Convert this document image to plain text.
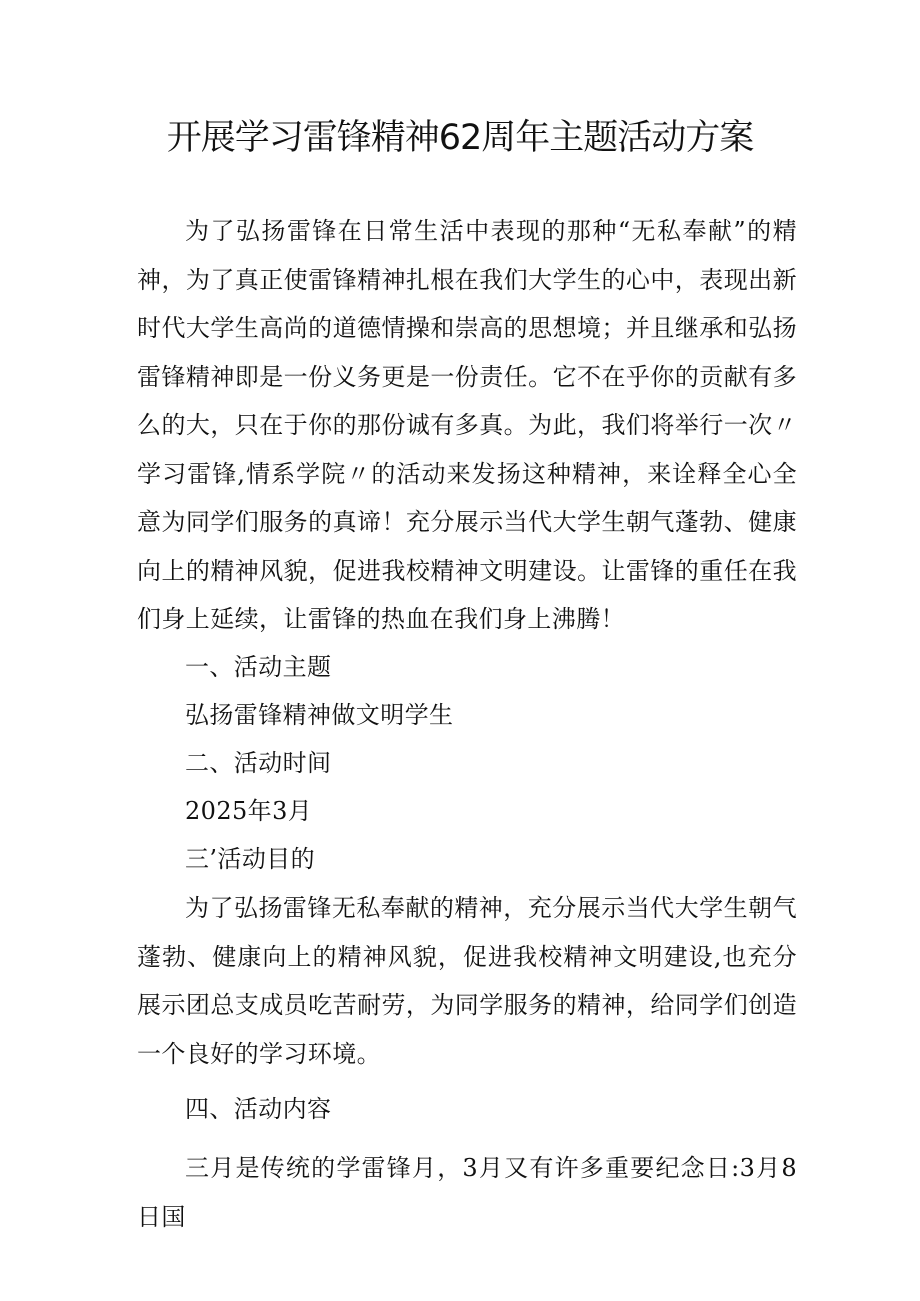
开展学习雷锋精神62周年主题活动方案

为了弘扬雷锋在日常生活中表现的那种“无私奉献”的精神，为了真正使雷锋精神扎根在我们大学生的心中，表现出新时代大学生高尚的道德情操和崇高的思想境；并且继承和弘扬雷锋精神即是一份义务更是一份责任。它不在乎你的贡献有多么的大，只在于你的那份诚有多真。为此，我们将举行一次〃学习雷锋,情系学院〃的活动来发扬这种精神，来诠释全心全意为同学们服务的真谛！充分展示当代大学生朝气蓬勃、健康向上的精神风貌，促进我校精神文明建设。让雷锋的重任在我们身上延续，让雷锋的热血在我们身上沸腾！

一、活动主题

弘扬雷锋精神做文明学生

二、活动时间

2025年3月

三’活动目的

为了弘扬雷锋无私奉献的精神，充分展示当代大学生朝气蓬勃、健康向上的精神风貌，促进我校精神文明建设,也充分展示团总支成员吃苦耐劳，为同学服务的精神，给同学们创造一个良好的学习环境。

四、活动内容

三月是传统的学雷锋月，3月又有许多重要纪念日:3月8日国
